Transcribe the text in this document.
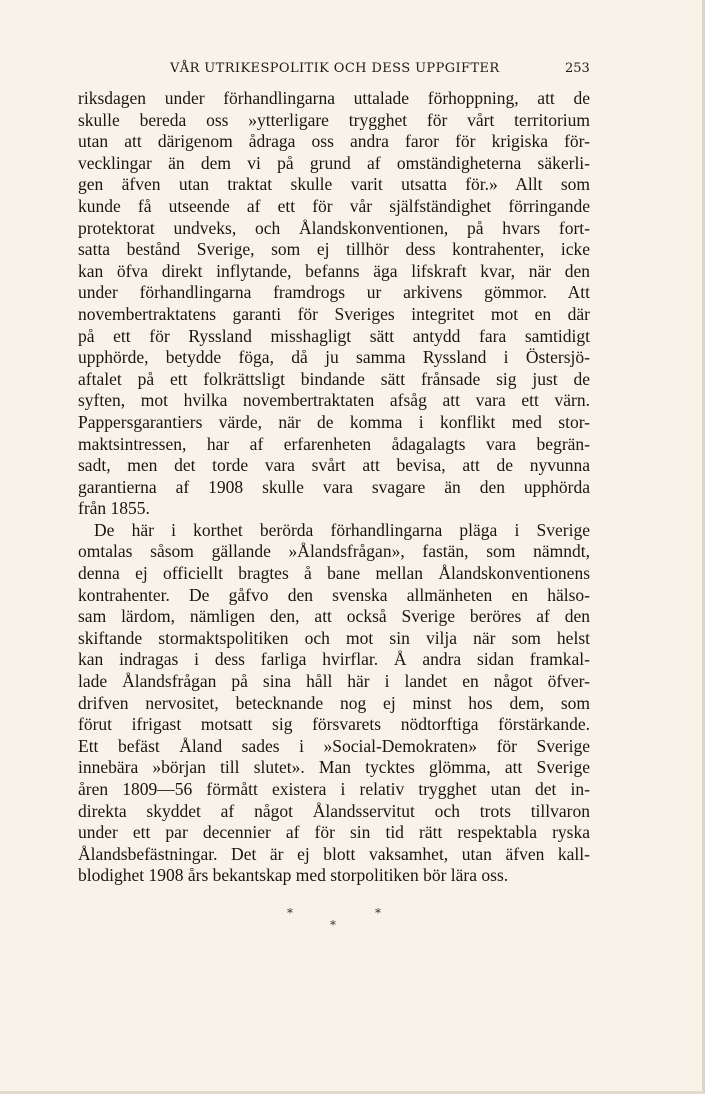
VÅR UTRIKESPOLITIK OCH DESS UPPGIFTER	253
riksdagen under förhandlingarna uttalade förhoppning, att de
skulle bereda oss »ytterligare trygghet för vårt territorium
utan att därigenom ådraga oss andra faror för krigiska för-
vecklingar än dem vi på grund af omständigheterna säkerli-
gen äfven utan traktat skulle varit utsatta för.» Allt som
kunde få utseende af ett för vår själfständighet förringande
protektorat undveks, och Ålandskonventionen, på hvars fort-
satta bestånd Sverige, som ej tillhör dess kontrahenter, icke
kan öfva direkt inflytande, befanns äga lifskraft kvar, när den
under förhandlingarna framdrogs ur arkivens gömmor. Att
novembertraktatens garanti för Sveriges integritet mot en där
på ett för Ryssland misshagligt sätt antydd fara samtidigt
upphörde, betydde föga, då ju samma Ryssland i Östersjö-
aftalet på ett folkrättsligt bindande sätt frånsade sig just de
syften, mot hvilka novembertraktaten afsåg att vara ett värn.
Pappersgarantiers värde, när de komma i konflikt med stor-
maktsintressen, har af erfarenheten ådagalagts vara begrän-
sadt, men det torde vara svårt att bevisa, att de nyvunna
garantierna af 1908 skulle vara svagare än den upphörda
från 1855.
De här i korthet berörda förhandlingarna pläga i Sverige
omtalas såsom gällande »Ålandsfrågan», fastän, som nämndt,
denna ej officiellt bragtes å bane mellan Ålandskonventionens
kontrahenter. De gåfvo den svenska allmänheten en hälso-
sam lärdom, nämligen den, att också Sverige beröres af den
skiftande stormaktspolitiken och mot sin vilja när som helst
kan indragas i dess farliga hvirflar. Å andra sidan framkal-
lade Ålandsfrågan på sina håll här i landet en något öfver-
drifven nervositet, betecknande nog ej minst hos dem, som
förut ifrigast motsatt sig försvarets nödtorftiga förstärkande.
Ett befäst Åland sades i »Social-Demokraten» för Sverige
innebära »början till slutet». Man tycktes glömma, att Sverige
åren 1809—56 förmått existera i relativ trygghet utan det in-
direkta skyddet af något Ålandsservitut och trots tillvaron
under ett par decennier af för sin tid rätt respektabla ryska
Ålandsbefästningar. Det är ej blott vaksamhet, utan äfven kall-
blodighet 1908 års bekantskap med storpolitiken bör lära oss.
*	*
*
